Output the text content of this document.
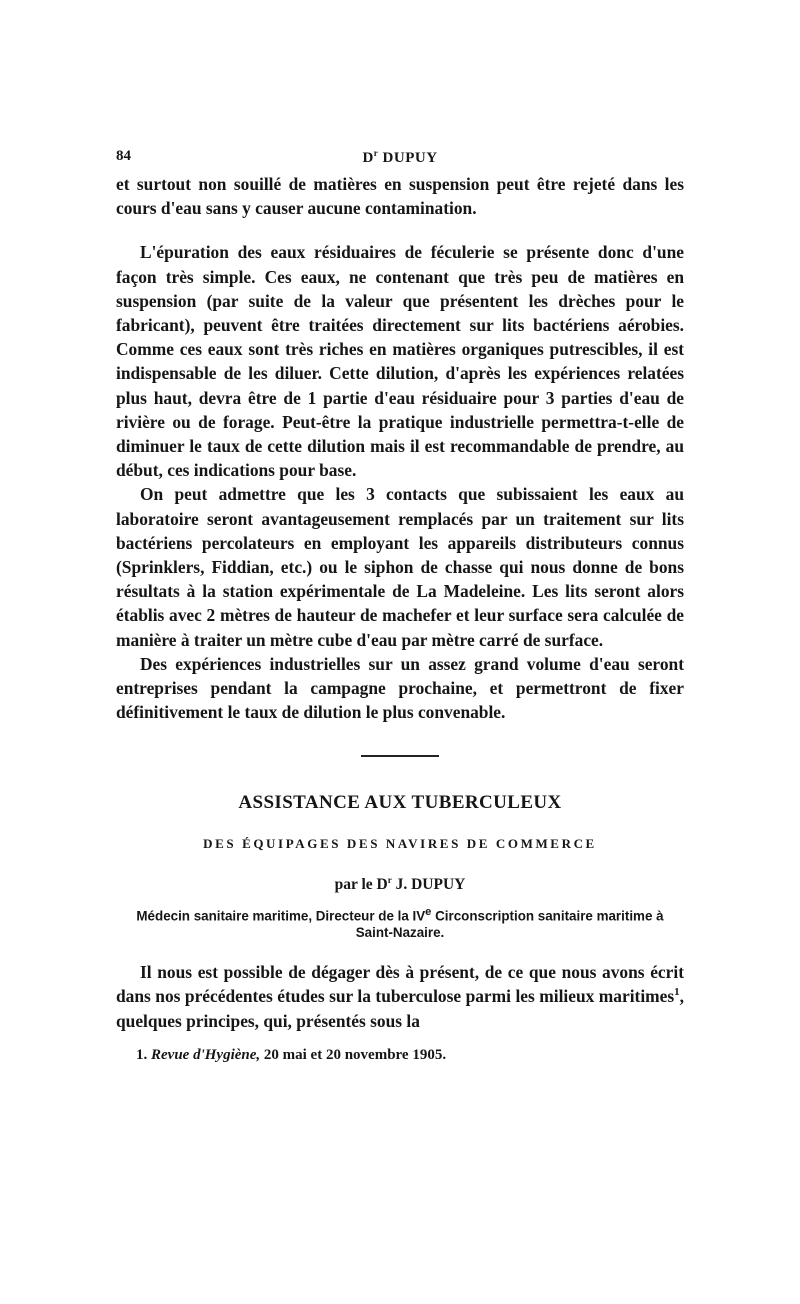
84	$D^r$ DUPUY

et surtout non souillé de matières en suspension peut être rejeté dans les cours d'eau sans y causer aucune contamination.

L'épuration des eaux résiduaires de féculerie se présente donc d'une façon très simple. Ces eaux, ne contenant que très peu de matières en suspension (par suite de la valeur que présentent les drèches pour le fabricant), peuvent être traitées directement sur lits bactériens aérobies. Comme ces eaux sont très riches en matières organiques putrescibles, il est indispensable de les diluer. Cette dilution, d'après les expériences relatées plus haut, devra être de 1 partie d'eau résiduaire pour 3 parties d'eau de rivière ou de forage. Peut-être la pratique industrielle permettra-t-elle de diminuer le taux de cette dilution mais il est recommandable de prendre, au début, ces indications pour base.

On peut admettre que les 3 contacts que subissaient les eaux au laboratoire seront avantageusement remplacés par un traitement sur lits bactériens percolateurs en employant les appareils distributeurs connus (Sprinklers, Fiddian, etc.) ou le siphon de chasse qui nous donne de bons résultats à la station expérimentale de La Madeleine. Les lits seront alors établis avec 2 mètres de hauteur de machefer et leur surface sera calculée de manière à traiter un mètre cube d'eau par mètre carré de surface.

Des expériences industrielles sur un assez grand volume d'eau seront entreprises pendant la campagne prochaine, et permettront de fixer définitivement le taux de dilution le plus convenable.

ASSISTANCE AUX TUBERCULEUX
DES ÉQUIPAGES DES NAVIRES DE COMMERCE

par le $D^r$ J. DUPUY

Médecin sanitaire maritime, Directeur de la IVe Circonscription sanitaire maritime à Saint-Nazaire.

Il nous est possible de dégager dès à présent, de ce que nous avons écrit dans nos précédentes études sur la tuberculose parmi les milieux maritimes$^1$, quelques principes, qui, présentés sous la

1. Revue d'Hygiène, 20 mai et 20 novembre 1905.
